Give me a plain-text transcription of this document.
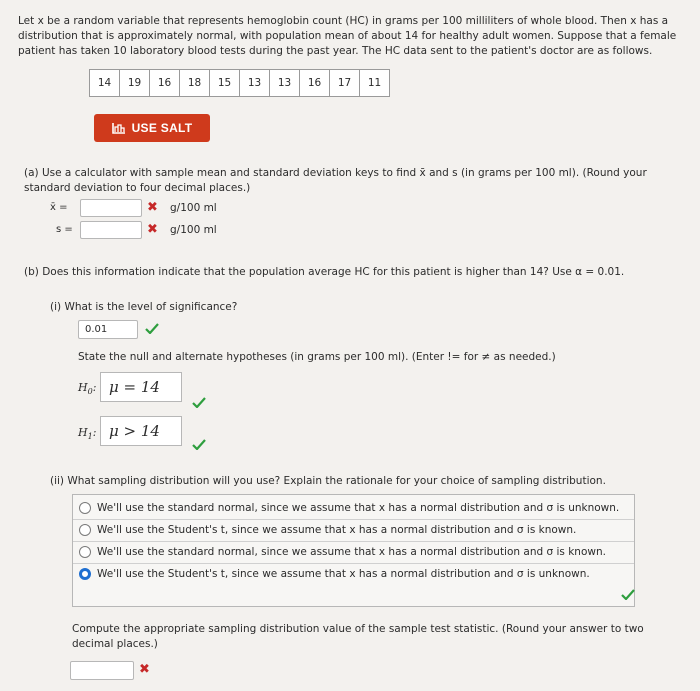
Let x be a random variable that represents hemoglobin count (HC) in grams per 100 milliliters of whole blood. Then x has a distribution that is approximately normal, with population mean of about 14 for healthy adult women. Suppose that a female patient has taken 10 laboratory blood tests during the past year. The HC data sent to the patient's doctor are as follows.
14	19	16	18	15	13	13	16	17	11
USE SALT
(a) Use a calculator with sample mean and standard deviation keys to find x̄ and s (in grams per 100 ml). (Round your standard deviation to four decimal places.)
x̄ =	✖ g/100 ml
s =	✖ g/100 ml
(b) Does this information indicate that the population average HC for this patient is higher than 14? Use α = 0.01.
(i) What is the level of significance?
0.01
State the null and alternate hypotheses (in grams per 100 ml). (Enter != for ≠ as needed.)
$H_0$: μ = 14
$H_1$: μ > 14
(ii) What sampling distribution will you use? Explain the rationale for your choice of sampling distribution.
We'll use the standard normal, since we assume that x has a normal distribution and σ is unknown.
We'll use the Student's t, since we assume that x has a normal distribution and σ is known.
We'll use the standard normal, since we assume that x has a normal distribution and σ is known.
We'll use the Student's t, since we assume that x has a normal distribution and σ is unknown.
Compute the appropriate sampling distribution value of the sample test statistic. (Round your answer to two decimal places.)
✖
